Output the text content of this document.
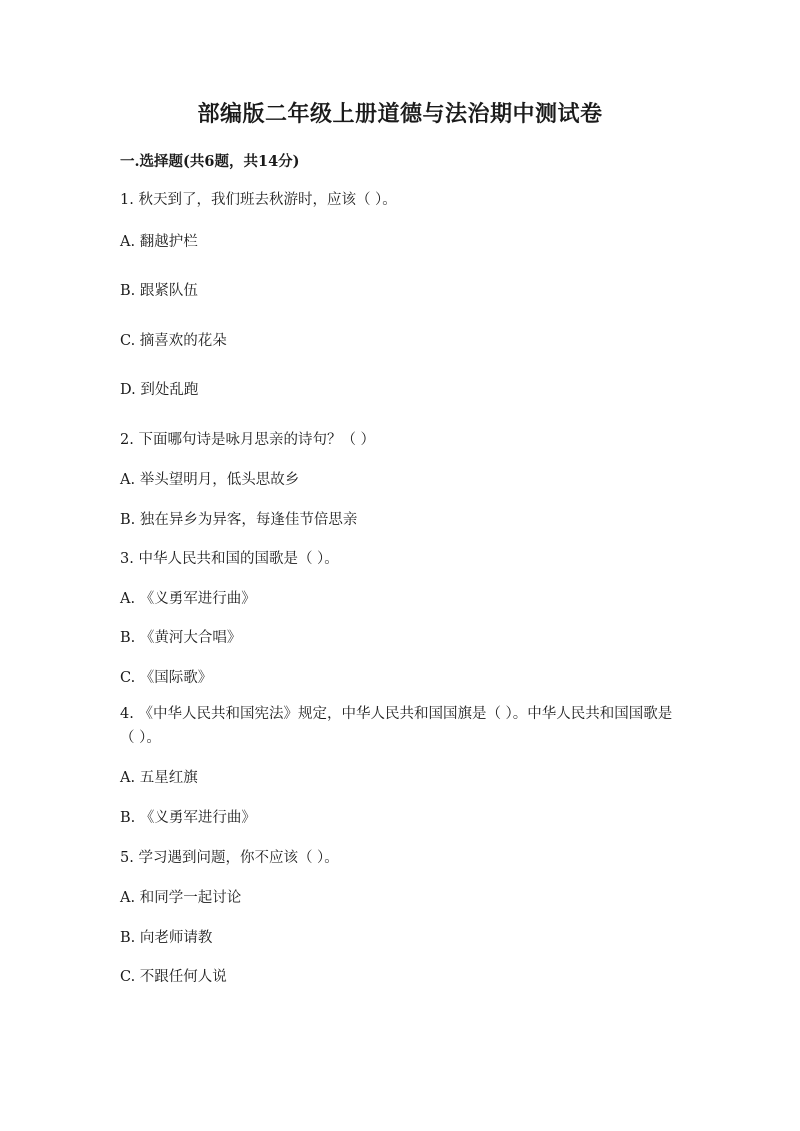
部编版二年级上册道德与法治期中测试卷
一.选择题(共6题，共14分)
1. 秋天到了，我们班去秋游时，应该（ ）。
A. 翻越护栏
B. 跟紧队伍
C. 摘喜欢的花朵
D. 到处乱跑
2. 下面哪句诗是咏月思亲的诗句？（ ）
A. 举头望明月，低头思故乡
B. 独在异乡为异客，每逢佳节倍思亲
3. 中华人民共和国的国歌是（ ）。
A. 《义勇军进行曲》
B. 《黄河大合唱》
C. 《国际歌》
4. 《中华人民共和国宪法》规定，中华人民共和国国旗是（ ）。中华人民共和国国歌是（ ）。
A. 五星红旗
B. 《义勇军进行曲》
5. 学习遇到问题，你不应该（ ）。
A. 和同学一起讨论
B. 向老师请教
C. 不跟任何人说
